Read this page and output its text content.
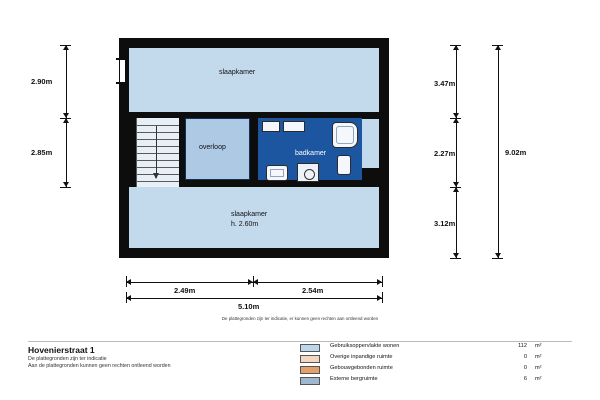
slaapkamer
overloop
badkamer
slaapkamer
h. 2.60m
2.90m
2.85m
3.47m
2.27m
3.12m
9.02m
2.49m	2.54m
5.10m
De plattegronden zijn ter indicatie, er kunnen geen rechten aan ontleend worden
Hovenierstraat 1
De plattegronden zijn ter indicatie
Aan de plattegronden kunnen geen rechten ontleend worden
Gebruiksoppervlakte wonen	112 m²
Overige inpandige ruimte	0 m²
Gebouwgebonden ruimte	0 m²
Externe bergruimte	6 m²
